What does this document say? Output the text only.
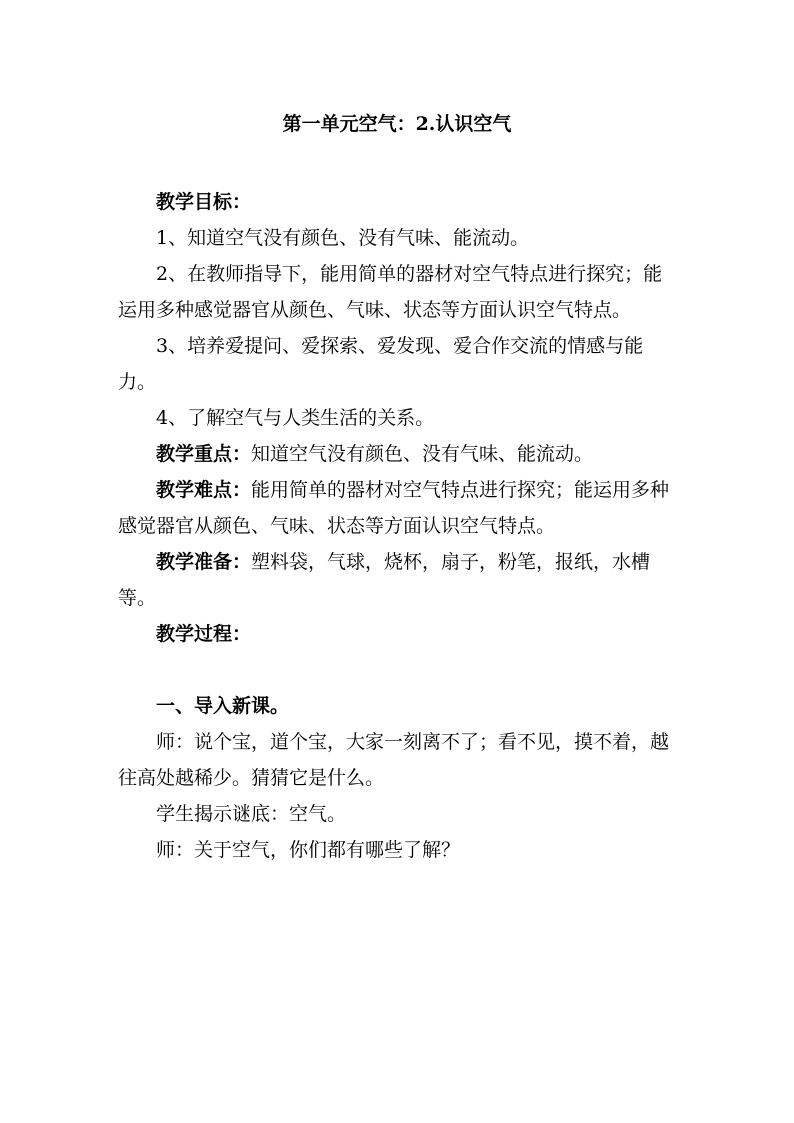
第一单元空气：2.认识空气

教学目标：

1、知道空气没有颜色、没有气味、能流动。

2、在教师指导下，能用简单的器材对空气特点进行探究；能运用多种感觉器官从颜色、气味、状态等方面认识空气特点。

3、培养爱提问、爱探索、爱发现、爱合作交流的情感与能力。

4、了解空气与人类生活的关系。

教学重点：知道空气没有颜色、没有气味、能流动。

教学难点：能用简单的器材对空气特点进行探究；能运用多种感觉器官从颜色、气味、状态等方面认识空气特点。

教学准备：塑料袋，气球，烧杯，扇子，粉笔，报纸，水槽等。

教学过程：

一、导入新课。

师：说个宝，道个宝，大家一刻离不了；看不见，摸不着，越往高处越稀少。猜猜它是什么。

学生揭示谜底：空气。

师：关于空气，你们都有哪些了解？
